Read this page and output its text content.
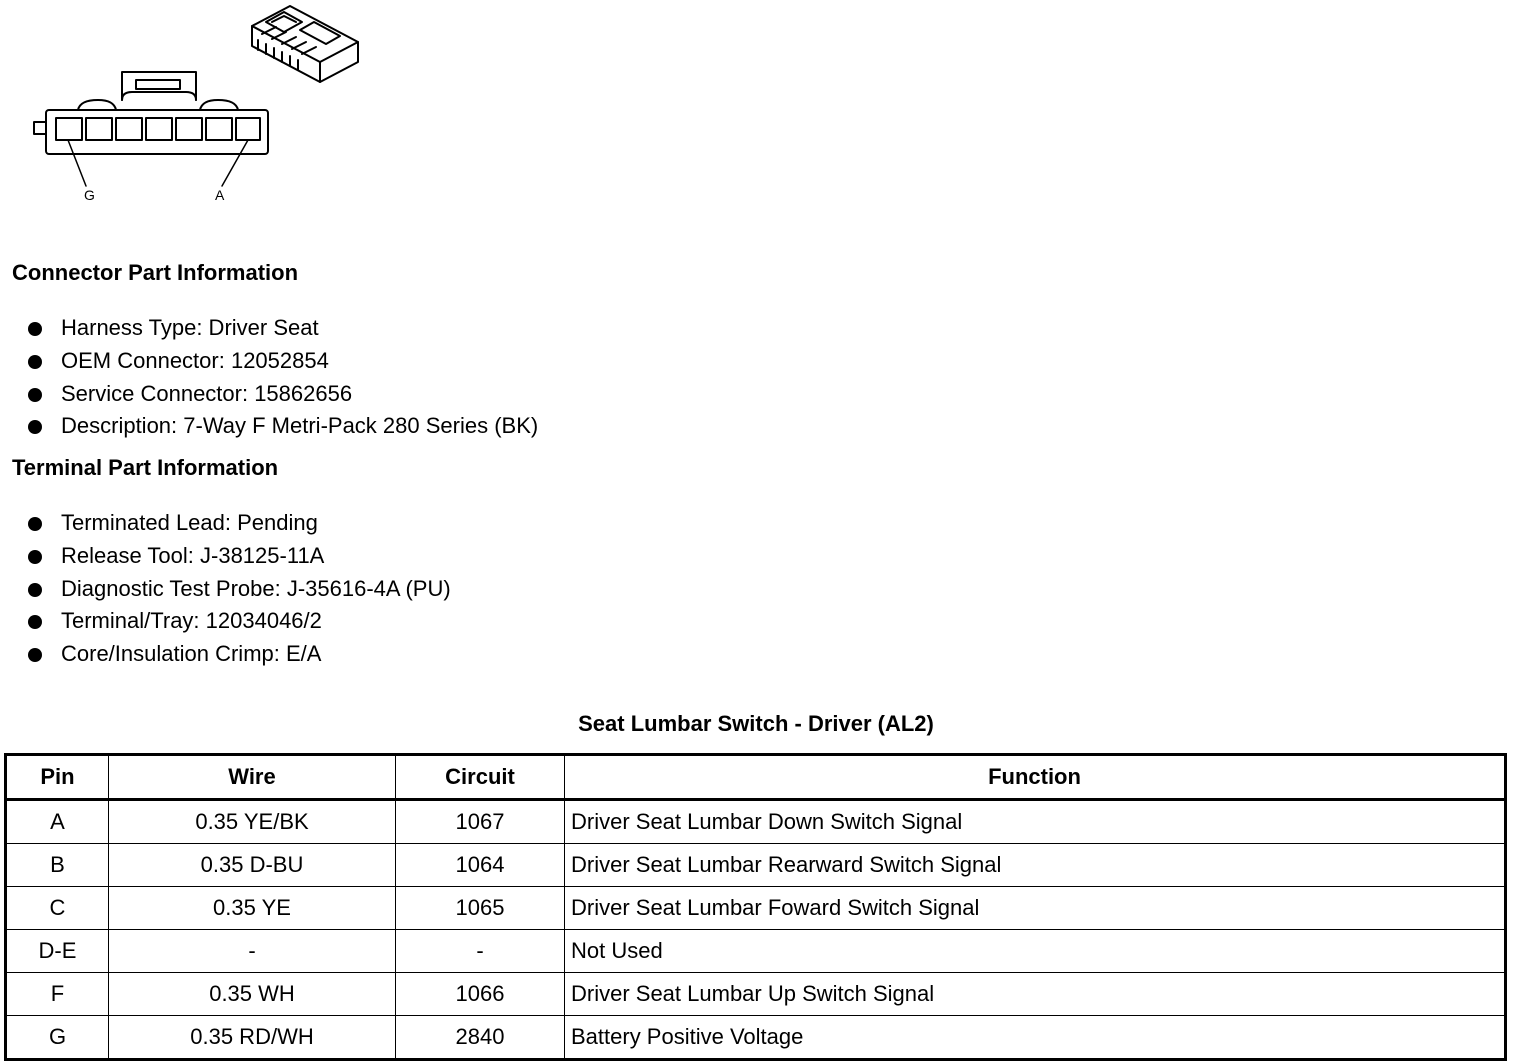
G	A
Connector Part Information
Harness Type: Driver Seat
OEM Connector: 12052854
Service Connector: 15862656
Description: 7-Way F Metri-Pack 280 Series (BK)
Terminal Part Information
Terminated Lead: Pending
Release Tool: J-38125-11A
Diagnostic Test Probe: J-35616-4A (PU)
Terminal/Tray: 12034046/2
Core/Insulation Crimp: E/A
Seat Lumbar Switch - Driver (AL2)
Pin	Wire	Circuit	Function
A	0.35 YE/BK	1067	Driver Seat Lumbar Down Switch Signal
B	0.35 D-BU	1064	Driver Seat Lumbar Rearward Switch Signal
C	0.35 YE	1065	Driver Seat Lumbar Foward Switch Signal
D-E	-	-	Not Used
F	0.35 WH	1066	Driver Seat Lumbar Up Switch Signal
G	0.35 RD/WH	2840	Battery Positive Voltage
